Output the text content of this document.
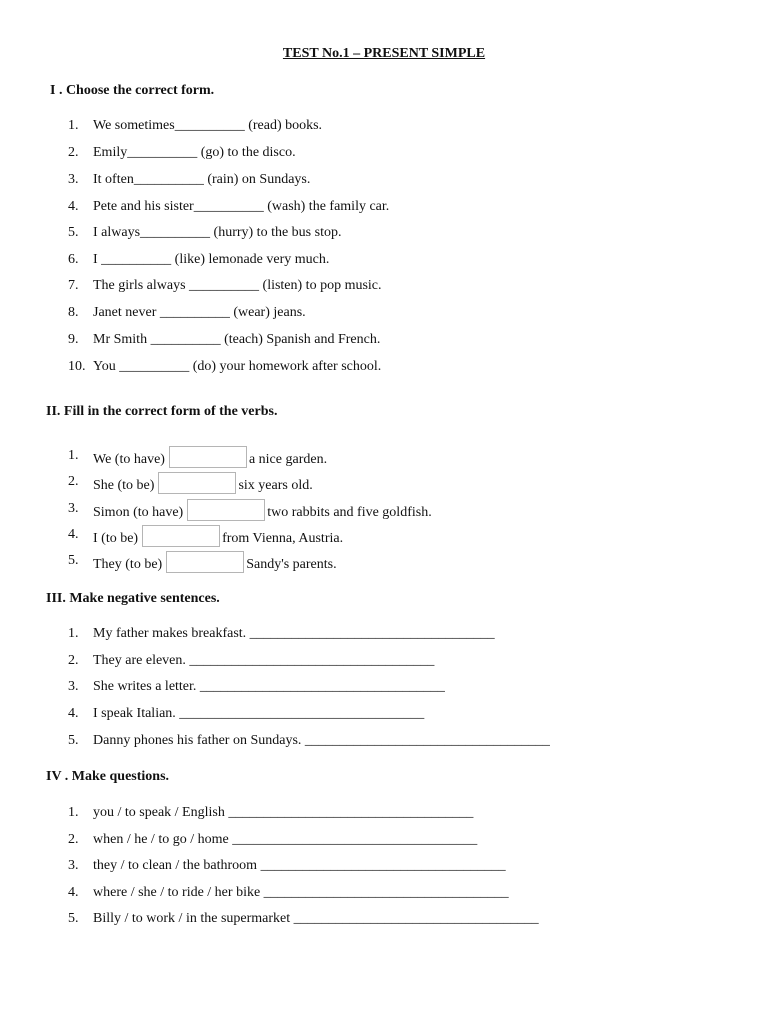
TEST No.1 – PRESENT SIMPLE
I . Choose the correct form.
1. We sometimes__________ (read) books.
2. Emily__________ (go) to the disco.
3. It often__________ (rain) on Sundays.
4. Pete and his sister__________ (wash) the family car.
5. I always__________ (hurry) to the bus stop.
6. I __________ (like) lemonade very much.
7. The girls always __________ (listen) to pop music.
8. Janet never __________ (wear) jeans.
9. Mr Smith __________ (teach) Spanish and French.
10. You __________ (do) your homework after school.
II. Fill in the correct form of the verbs.
1. We (to have)	a nice garden.
2. She (to be)	six years old.
3. Simon (to have)	two rabbits and five goldfish.
4. I (to be)	from Vienna, Austria.
5. They (to be)	Sandy's parents.
III. Make negative sentences.
1. My father makes breakfast. ___________________________________
2. They are eleven. ___________________________________
3. She writes a letter. ___________________________________
4. I speak Italian. ___________________________________
5. Danny phones his father on Sundays. ___________________________________
IV . Make questions.
1. you / to speak / English ___________________________________
2. when / he / to go / home ___________________________________
3. they / to clean / the bathroom ___________________________________
4. where / she / to ride / her bike ___________________________________
5. Billy / to work / in the supermarket ___________________________________
